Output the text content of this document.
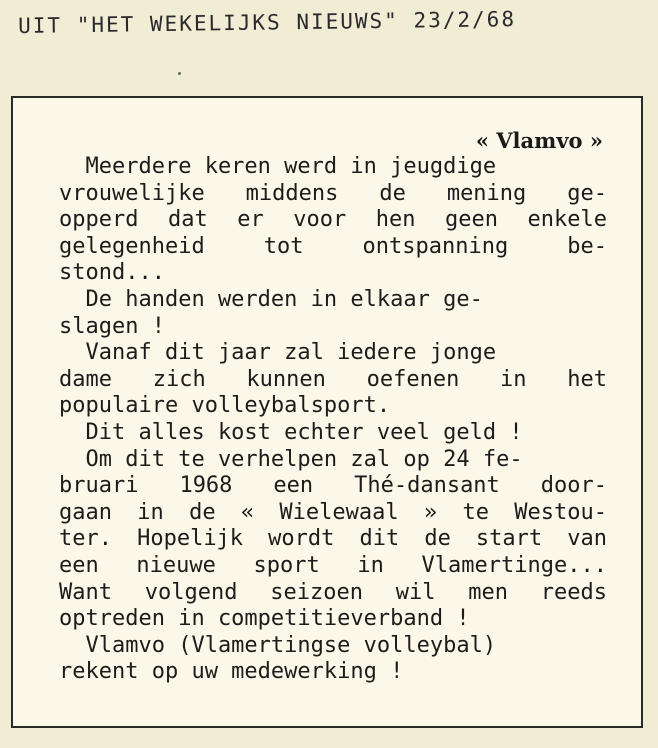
UIT "HET WEKELIJKS NIEUWS" 23/2/68
« Vlamvo »
Meerdere keren werd in jeugdige
vrouwelijke middens de mening ge-
opperd dat er voor hen geen enkele
gelegenheid tot ontspanning be-
stond...
De handen werden in elkaar ge-
slagen !
Vanaf dit jaar zal iedere jonge
dame zich kunnen oefenen in het
populaire volleybalsport.
Dit alles kost echter veel geld !
Om dit te verhelpen zal op 24 fe-
bruari 1968 een Thé-dansant door-
gaan in de « Wielewaal » te Westou-
ter. Hopelijk wordt dit de start van
een nieuwe sport in Vlamertinge...
Want volgend seizoen wil men reeds
optreden in competitieverband !
Vlamvo (Vlamertingse volleybal)
rekent op uw medewerking !
